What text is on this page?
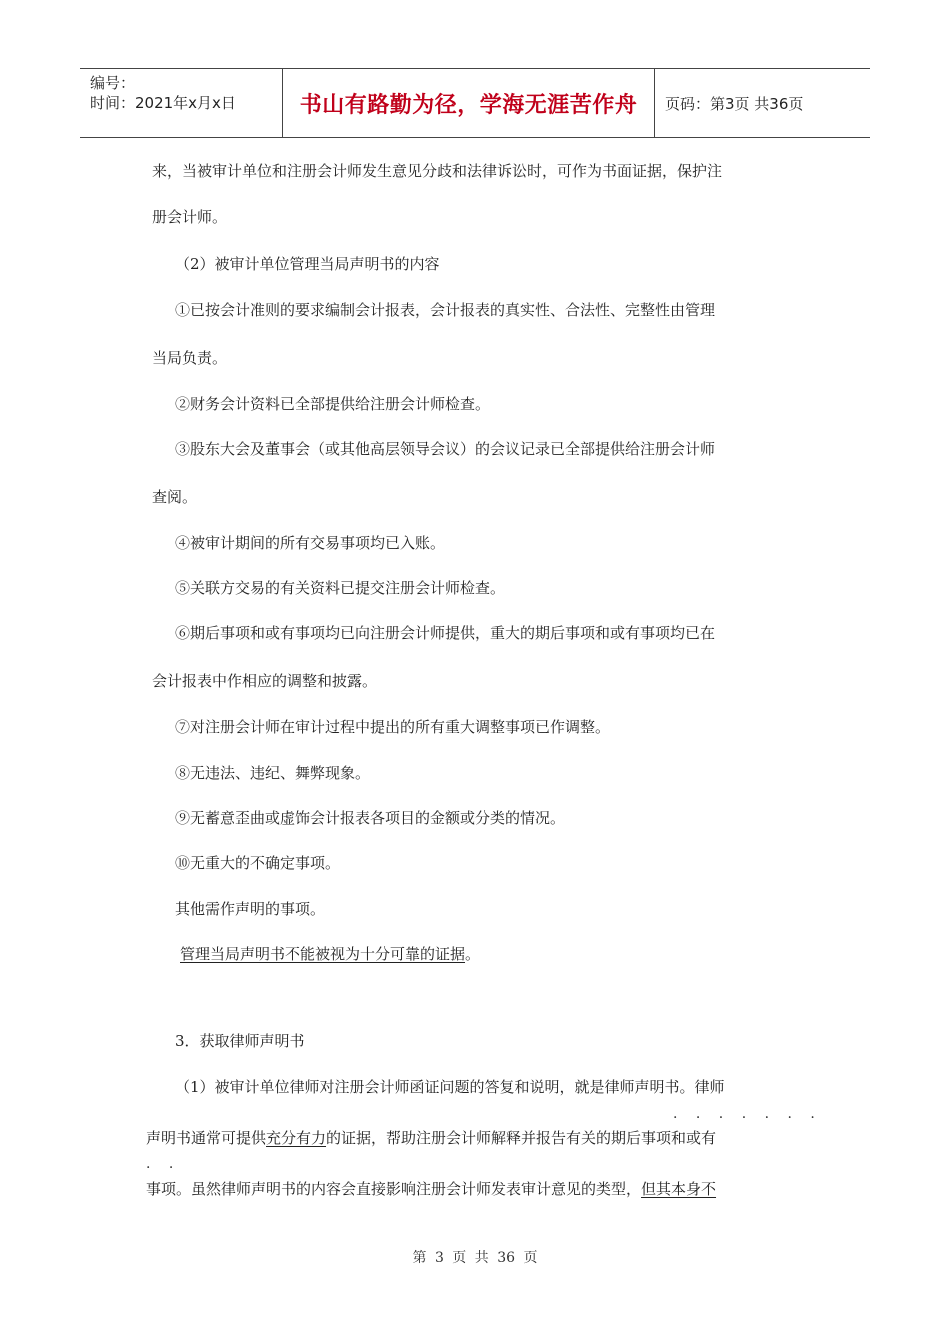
编号：
时间：2021年x月x日	书山有路勤为径，学海无涯苦作舟 页码：第3页 共36页
来，当被审计单位和注册会计师发生意见分歧和法律诉讼时，可作为书面证据，保护注
册会计师。
（2）被审计单位管理当局声明书的内容
①已按会计准则的要求编制会计报表，会计报表的真实性、合法性、完整性由管理
当局负责。
②财务会计资料已全部提供给注册会计师检查。
③股东大会及董事会（或其他高层领导会议）的会议记录已全部提供给注册会计师
查阅。
④被审计期间的所有交易事项均已入账。
⑤关联方交易的有关资料已提交注册会计师检查。
⑥期后事项和或有事项均已向注册会计师提供，重大的期后事项和或有事项均已在
会计报表中作相应的调整和披露。
⑦对注册会计师在审计过程中提出的所有重大调整事项已作调整。
⑧无违法、违纪、舞弊现象。
⑨无蓄意歪曲或虚饰会计报表各项目的金额或分类的情况。
⑩无重大的不确定事项。
其他需作声明的事项。
管理当局声明书不能被视为十分可靠的证据。
3．获取律师声明书
（1）被审计单位律师对注册会计师函证问题的答复和说明，就是律师声明书。律师
· · · · · · ·
声明书通常可提供充分有力的证据，帮助注册会计师解释并报告有关的期后事项和或有
· ·
事项。虽然律师声明书的内容会直接影响注册会计师发表审计意见的类型，但其本身不
第 3 页 共 36 页
